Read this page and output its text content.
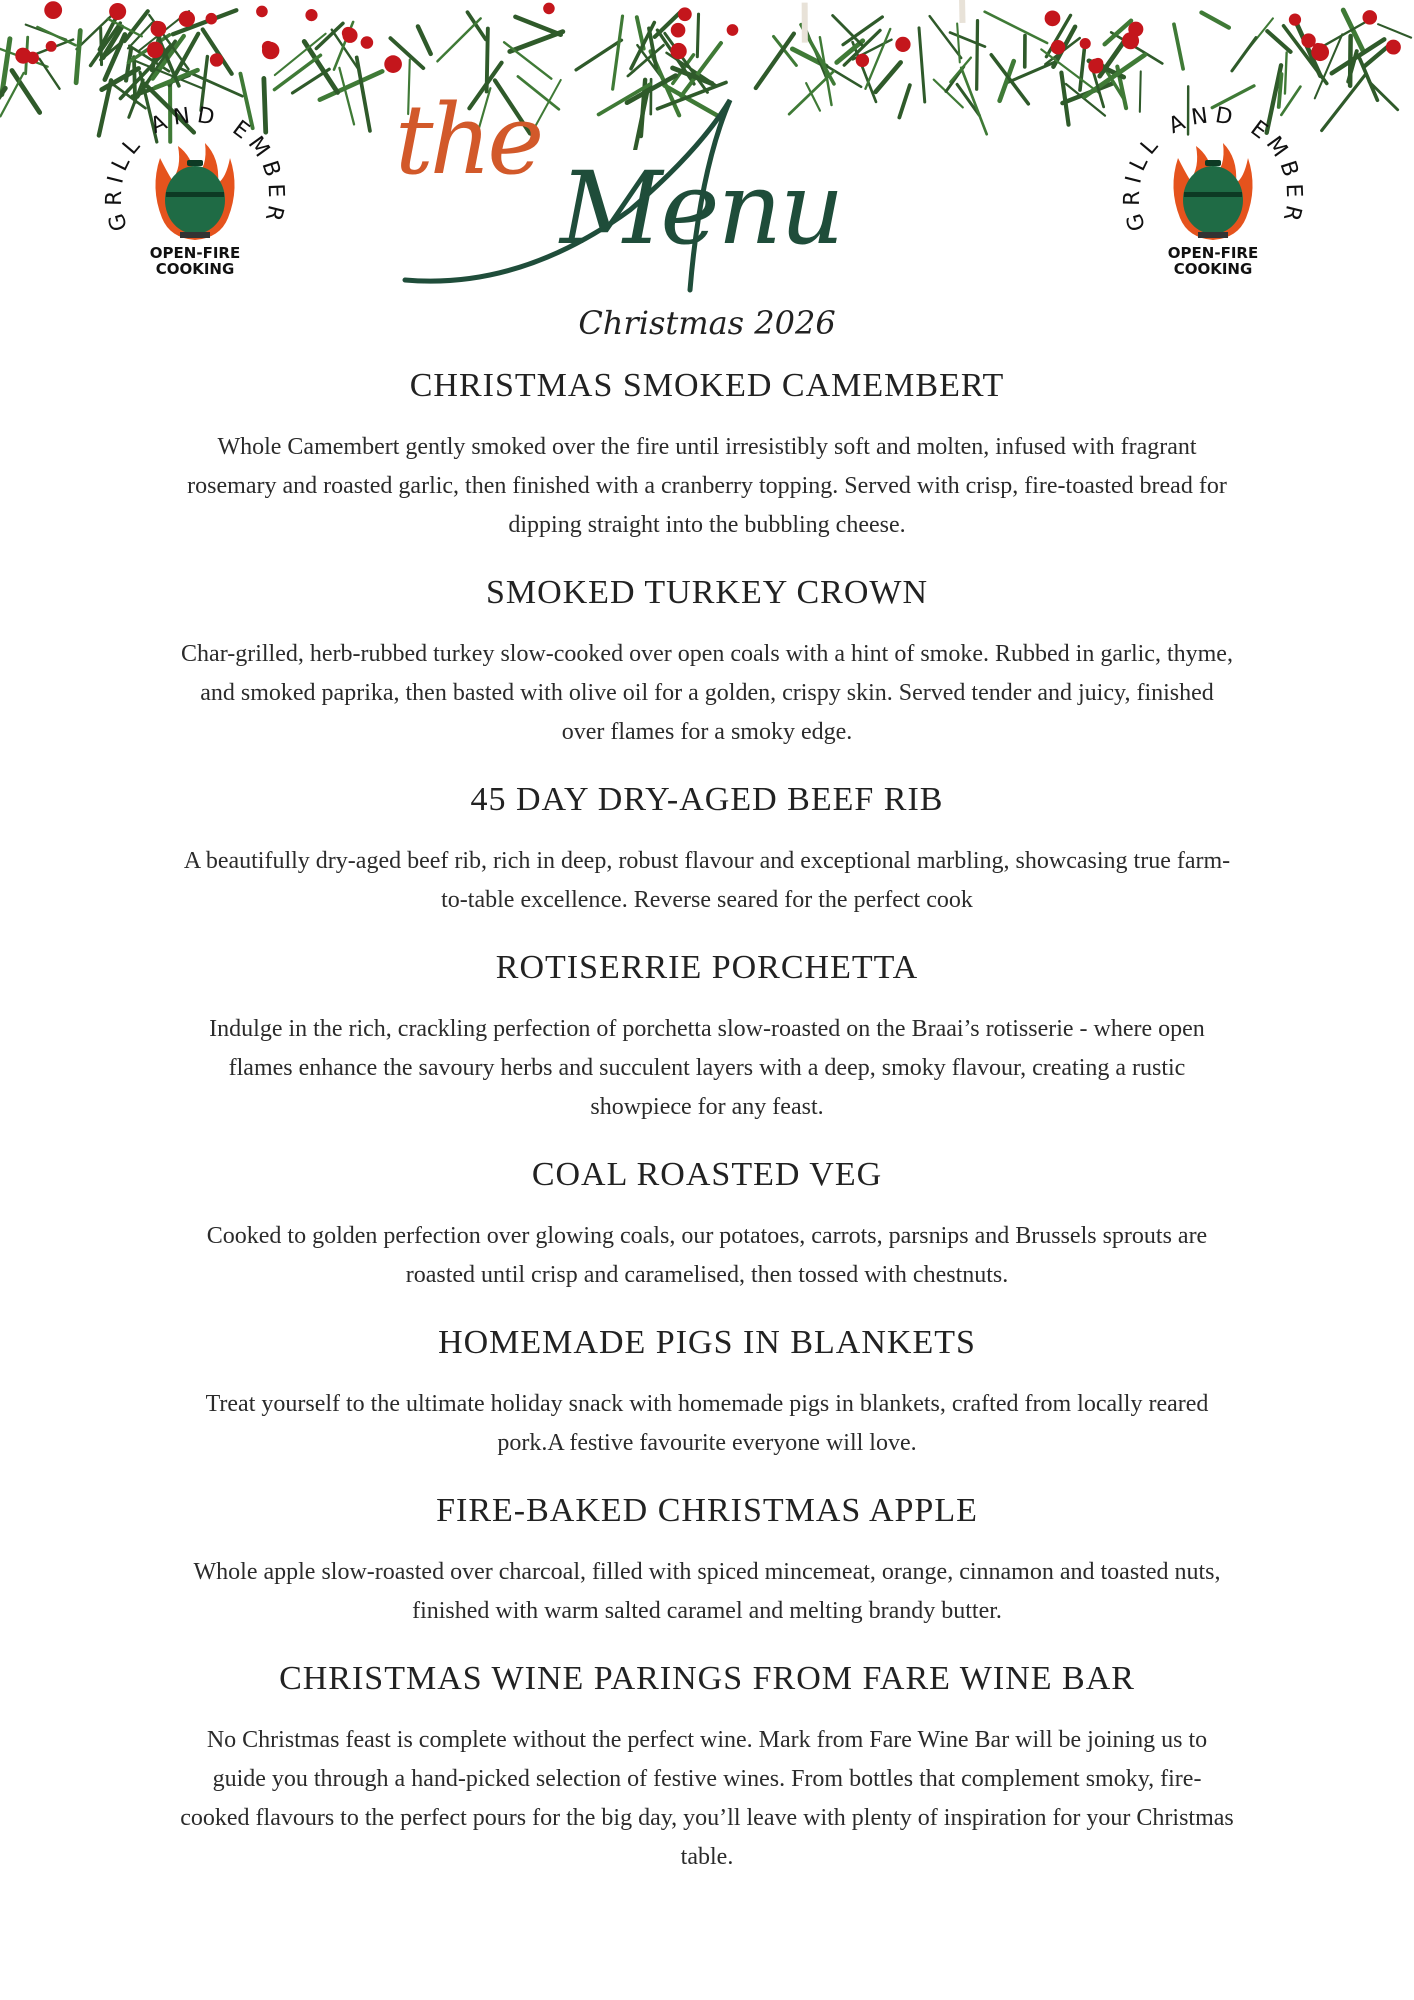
GRILL AND EMBER
OPEN-FIRE
COOKING
GRILL AND EMBER
OPEN-FIRE
COOKING
the
Menu
Christmas 2026
CHRISTMAS SMOKED CAMEMBERT

Whole Camembert gently smoked over the fire until irresistibly soft and molten, infused with fragrant rosemary and roasted garlic, then finished with a cranberry topping. Served with crisp, fire-toasted bread for dipping straight into the bubbling cheese.

SMOKED TURKEY CROWN

Char-grilled, herb-rubbed turkey slow-cooked over open coals with a hint of smoke. Rubbed in garlic, thyme, and smoked paprika, then basted with olive oil for a golden, crispy skin. Served tender and juicy, finished over flames for a smoky edge.

45 DAY DRY-AGED BEEF RIB

A beautifully dry-aged beef rib, rich in deep, robust flavour and exceptional marbling, showcasing true farm-to-table excellence. Reverse seared for the perfect cook

ROTISERRIE PORCHETTA

Indulge in the rich, crackling perfection of porchetta slow-roasted on the Braai’s rotisserie - where open flames enhance the savoury herbs and succulent layers with a deep, smoky flavour, creating a rustic showpiece for any feast.

COAL ROASTED VEG

Cooked to golden perfection over glowing coals, our potatoes, carrots, parsnips and Brussels sprouts are roasted until crisp and caramelised, then tossed with chestnuts.

HOMEMADE PIGS IN BLANKETS

Treat yourself to the ultimate holiday snack with homemade pigs in blankets, crafted from locally reared pork.A festive favourite everyone will love.

FIRE-BAKED CHRISTMAS APPLE

Whole apple slow-roasted over charcoal, filled with spiced mincemeat, orange, cinnamon and toasted nuts, finished with warm salted caramel and melting brandy butter.

CHRISTMAS WINE PARINGS FROM FARE WINE BAR

No Christmas feast is complete without the perfect wine. Mark from Fare Wine Bar will be joining us to guide you through a hand-picked selection of festive wines. From bottles that complement smoky, fire-cooked flavours to the perfect pours for the big day, you’ll leave with plenty of inspiration for your Christmas table.
